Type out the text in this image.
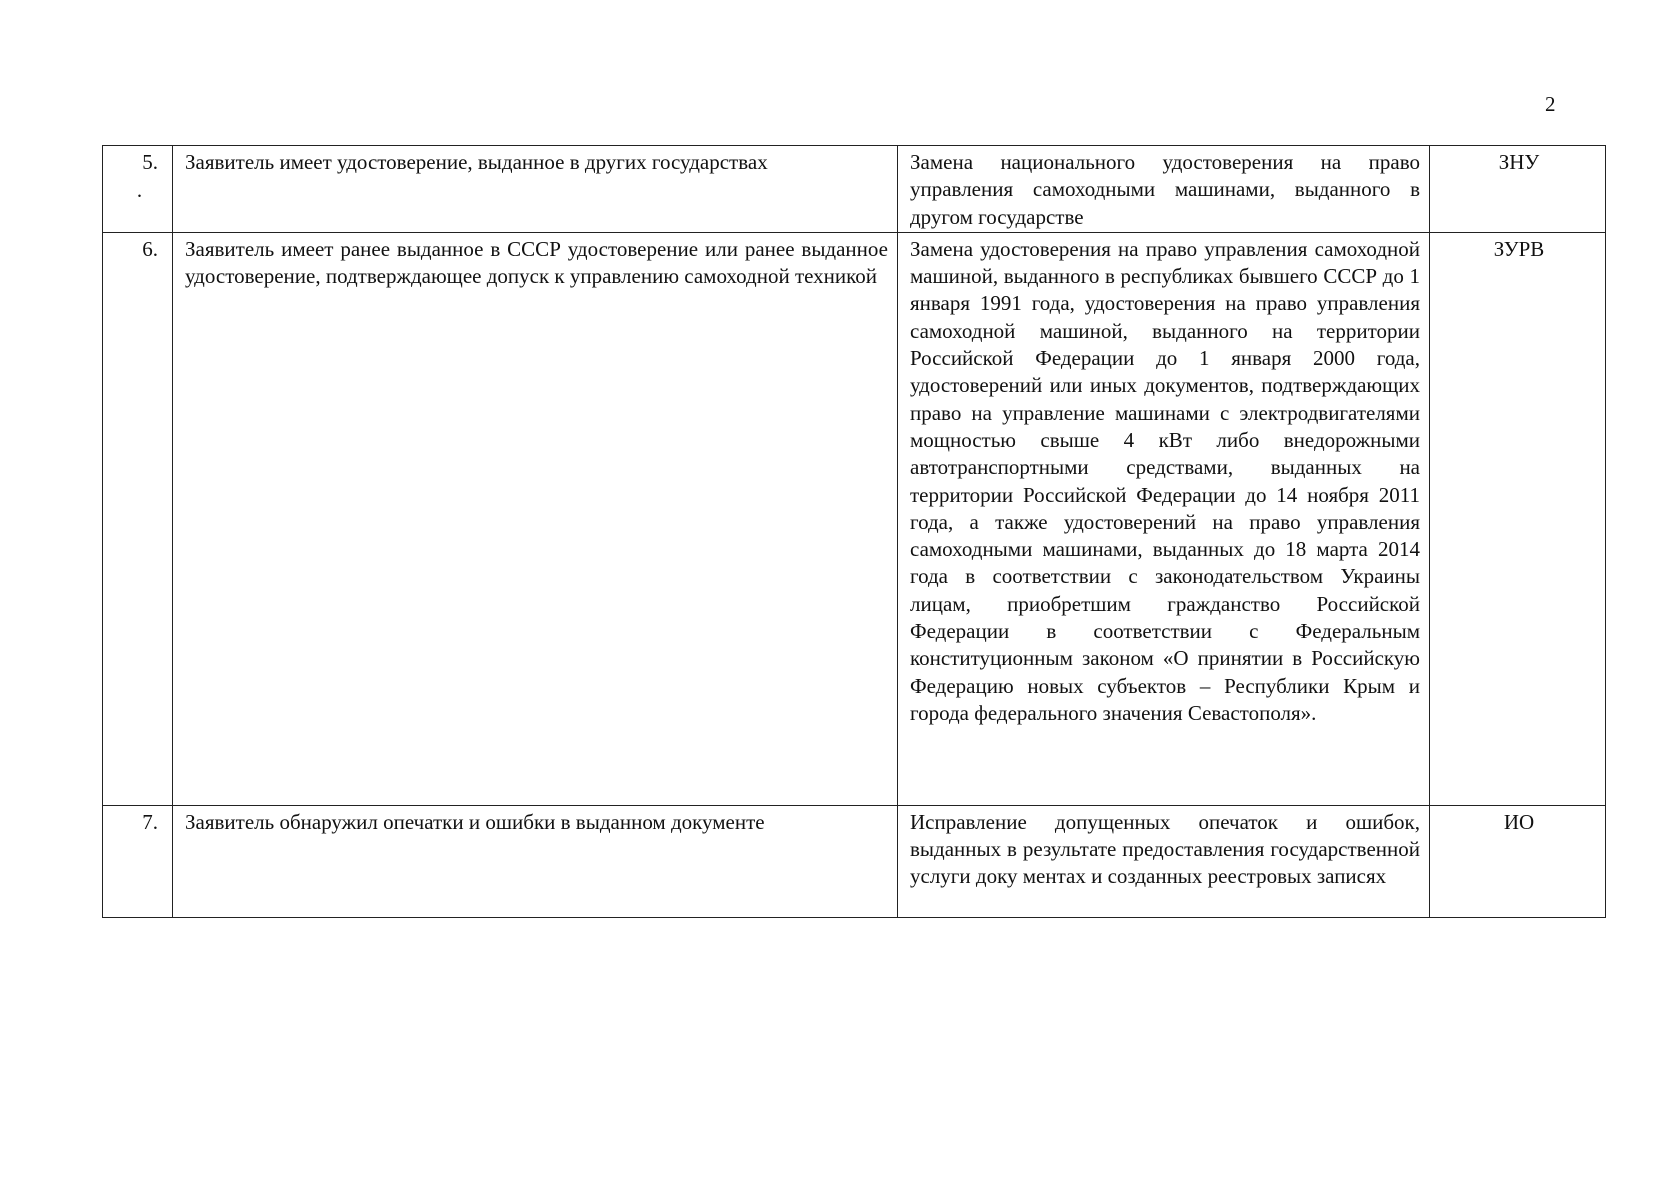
2
5.
.	Заявитель имеет удостоверение, выданное в других государствах	Замена национального удостоверения на право управления самоходными машинами, выданного в другом государстве	ЗНУ
6.	Заявитель имеет ранее выданное в СССР удостоверение или ранее выданное удостоверение, подтверждающее допуск к управлению самоходной техникой	Замена удостоверения на право управления самоходной машиной, выданного в республиках бывшего СССР до 1 января 1991 года, удостоверения на право управления самоходной машиной, выданного на территории Российской Федерации до 1 января 2000 года, удостоверений или иных документов, подтверждающих право на управление машинами с электродвигателями мощностью свыше 4 кВт либо внедорожными автотранспортными средствами, выданных на территории Российской Федерации до 14 ноября 2011 года, а также удостоверений на право управления самоходными машинами, выданных до 18 марта 2014 года в соответствии с законодательством Украины лицам, приобретшим гражданство Российской Федерации в соответствии с Федеральным конституционным законом «О принятии в Российскую Федерацию новых субъектов – Республики Крым и города федерального значения Севастополя».	ЗУРВ
7.	Заявитель обнаружил опечатки и ошибки в выданном документе	Исправление допущенных опечаток и ошибок, выданных в результате предоставления государственной услуги доку ментах и созданных реестровых записях	ИО
